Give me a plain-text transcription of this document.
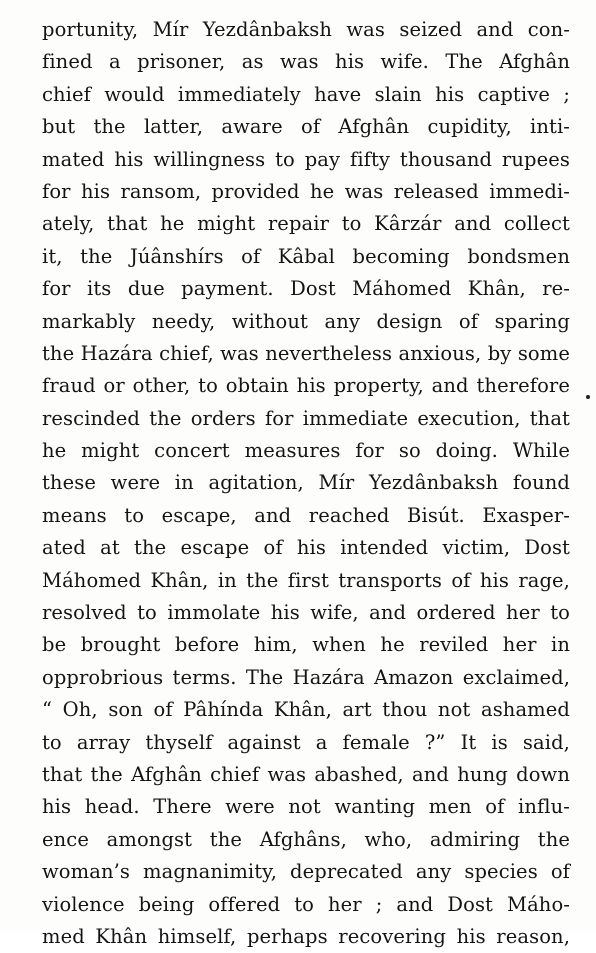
portunity, Mír Yezdânbaksh was seized and con-
fined a prisoner, as was his wife. The Afghân
chief would immediately have slain his captive ;
but the latter, aware of Afghân cupidity, inti-
mated his willingness to pay fifty thousand rupees
for his ransom, provided he was released immedi-
ately, that he might repair to Kârzár and collect
it, the Júânshírs of Kâbal becoming bondsmen
for its due payment. Dost Máhomed Khân, re-
markably needy, without any design of sparing
the Hazára chief, was nevertheless anxious, by some
fraud or other, to obtain his property, and therefore
rescinded the orders for immediate execution, that
he might concert measures for so doing. While
these were in agitation, Mír Yezdânbaksh found
means to escape, and reached Bisút. Exasper-
ated at the escape of his intended victim, Dost
Máhomed Khân, in the first transports of his rage,
resolved to immolate his wife, and ordered her to
be brought before him, when he reviled her in
opprobrious terms. The Hazára Amazon exclaimed,
“ Oh, son of Pâhínda Khân, art thou not ashamed
to array thyself against a female ?” It is said,
that the Afghân chief was abashed, and hung down
his head. There were not wanting men of influ-
ence amongst the Afghâns, who, admiring the
woman’s magnanimity, deprecated any species of
violence being offered to her ; and Dost Máho-
med Khân himself, perhaps recovering his reason,
